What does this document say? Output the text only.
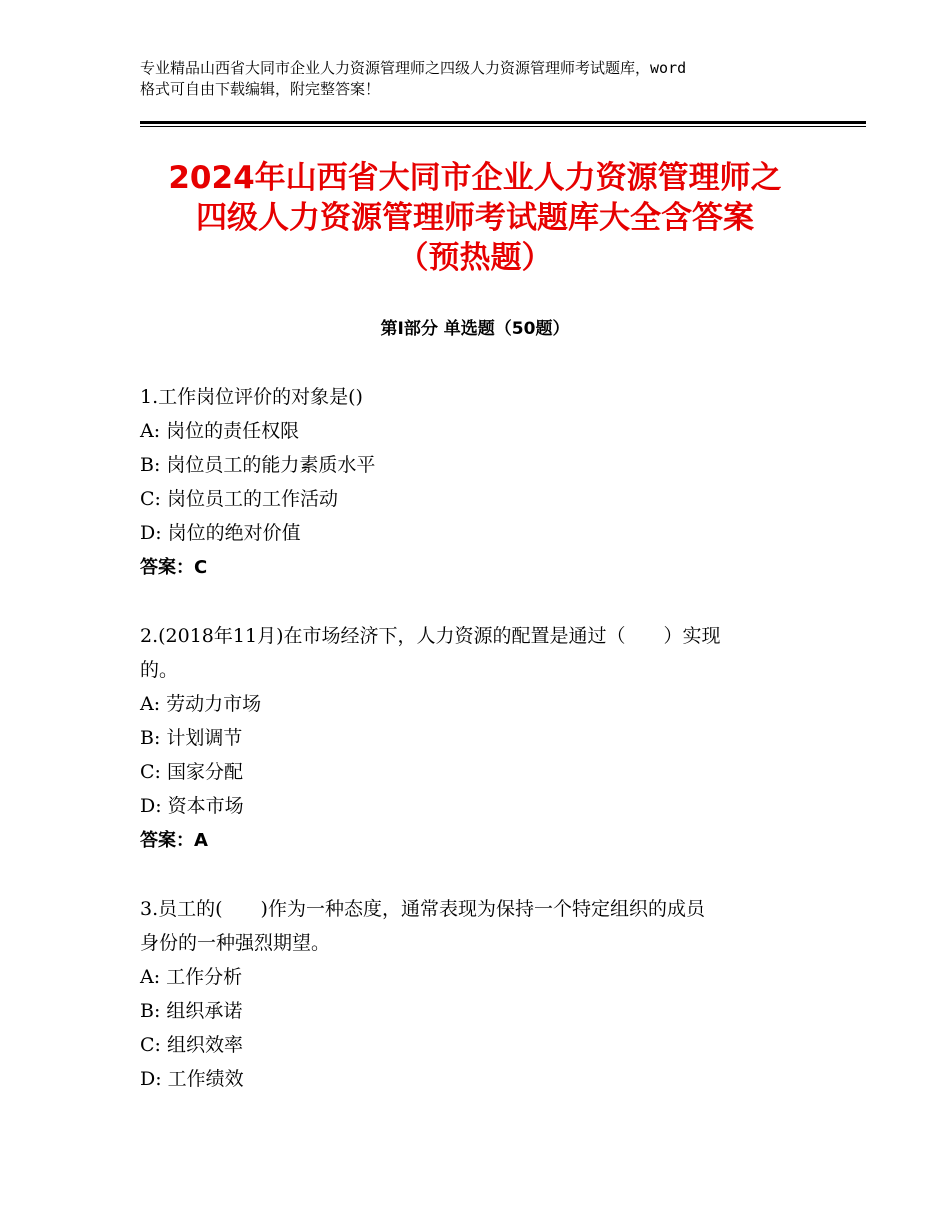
专业精品山西省大同市企业人力资源管理师之四级人力资源管理师考试题库，word
格式可自由下载编辑，附完整答案！
2024年山西省大同市企业人力资源管理师之
四级人力资源管理师考试题库大全含答案
（预热题）
第Ⅰ部分 单选题（50题）
1.工作岗位评价的对象是()
A: 岗位的责任权限
B: 岗位员工的能力素质水平
C: 岗位员工的工作活动
D: 岗位的绝对价值
答案：C
2.(2018年11月)在市场经济下，人力资源的配置是通过（　　）实现
的。
A: 劳动力市场
B: 计划调节
C: 国家分配
D: 资本市场
答案：A
3.员工的(　　)作为一种态度，通常表现为保持一个特定组织的成员
身份的一种强烈期望。
A: 工作分析
B: 组织承诺
C: 组织效率
D: 工作绩效
